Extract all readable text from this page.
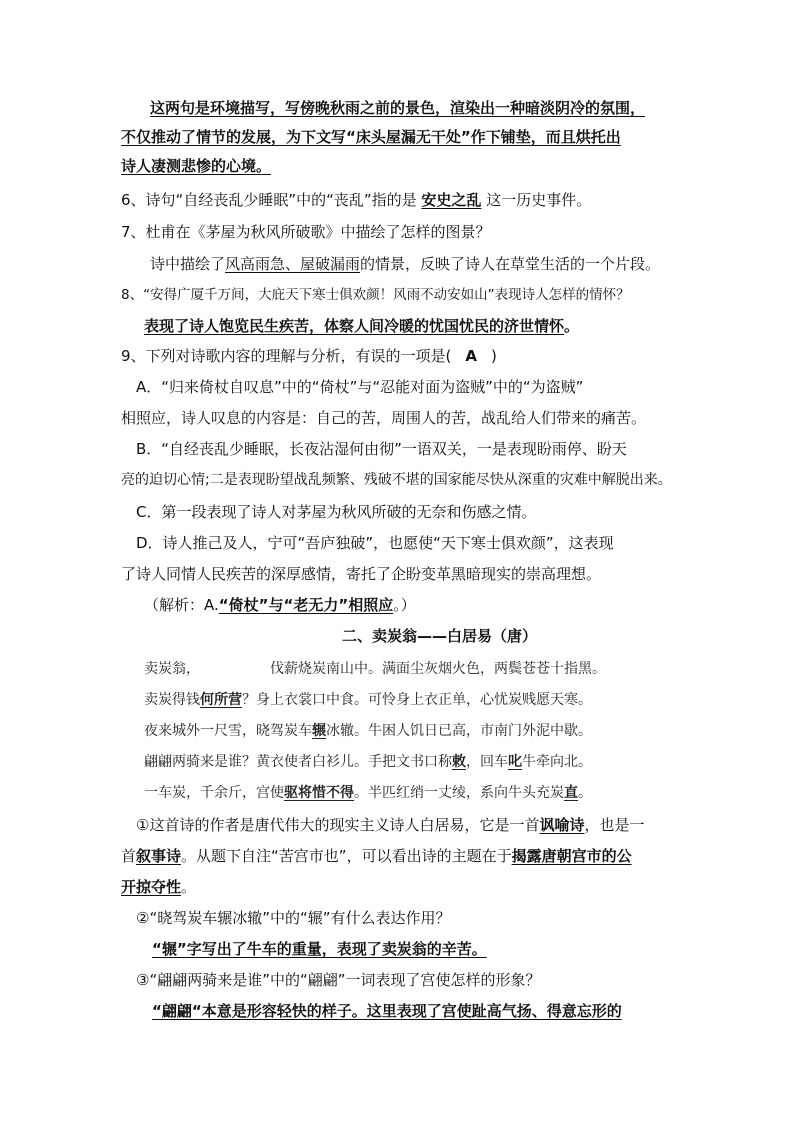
这两句是环境描写，写傍晚秋雨之前的景色，渲染出一种暗淡阴冷的氛围，
不仅推动了情节的发展，为下文写“床头屋漏无干处”作下铺垫，而且烘托出
诗人凄测悲惨的心境。
6、诗句“自经丧乱少睡眠”中的“丧乱”指的是 安史之乱 这一历史事件。
7、杜甫在《茅屋为秋风所破歌》中描绘了怎样的图景？
诗中描绘了风高雨急、屋破漏雨的情景，反映了诗人在草堂生活的一个片段。
8、“安得广厦千万间，大庇天下寒士俱欢颜！风雨不动安如山”表现诗人怎样的情怀？
表现了诗人饱览民生疾苦，体察人间冷暖的忧国忧民的济世情怀。
9、下列对诗歌内容的理解与分析，有误的一项是( A )
A．“归来倚杖自叹息”中的“倚杖”与“忍能对面为盗贼”中的“为盗贼”
相照应，诗人叹息的内容是：自己的苦，周围人的苦，战乱给人们带来的痛苦。
B．“自经丧乱少睡眠，长夜沾湿何由彻”一语双关，一是表现盼雨停、盼天
亮的迫切心情;二是表现盼望战乱频繁、残破不堪的国家能尽快从深重的灾难中解脱出来。
C．第一段表现了诗人对茅屋为秋风所破的无奈和伤感之情。
D．诗人推己及人，宁可“吾庐独破”，也愿使“天下寒士俱欢颜”，这表现
了诗人同情人民疾苦的深厚感情，寄托了企盼变革黑暗现实的崇高理想。
（解析：A.“倚杖”与“老无力”相照应。）
二、卖炭翁——白居易（唐）
卖炭翁，	伐薪烧炭南山中。满面尘灰烟火色，两鬓苍苍十指黑。
卖炭得钱何所营？身上衣裳口中食。可怜身上衣正单，心忧炭贱愿天寒。
夜来城外一尺雪，晓驾炭车辗冰辙。牛困人饥日已高，市南门外泥中歇。
翩翩两骑来是谁？黄衣使者白衫儿。手把文书口称敕，回车叱牛牵向北。
一车炭，千余斤，宫使驱将惜不得。半匹红绡一丈绫，系向牛头充炭直。
①这首诗的作者是唐代伟大的现实主义诗人白居易，它是一首讽喻诗，也是一
首叙事诗。从题下自注“苦宫市也”，可以看出诗的主题在于揭露唐朝宫市的公
开掠夺性。
②“晓驾炭车辗冰辙”中的“辗”有什么表达作用？
“辗”字写出了牛车的重量，表现了卖炭翁的辛苦。
③“翩翩两骑来是谁”中的“翩翩”一词表现了宫使怎样的形象？
“翩翩“本意是形容轻快的样子。这里表现了宫使趾高气扬、得意忘形的
